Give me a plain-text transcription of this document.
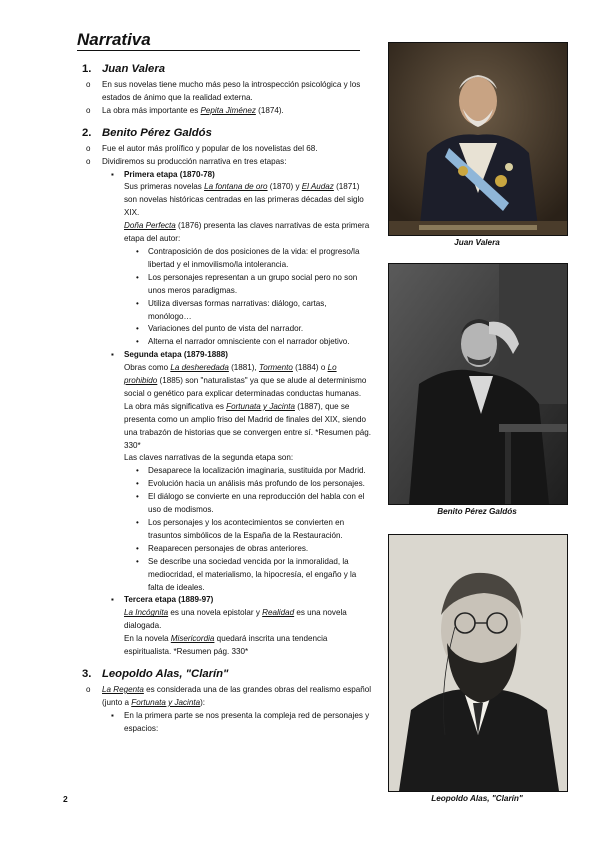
Narrativa
1. Juan Valera
o En sus novelas tiene mucho más peso la introspección psicológica y los estados de ánimo que la realidad externa.
o La obra más importante es Pepita Jiménez (1874).
2. Benito Pérez Galdós
o Fue el autor más prolífico y popular de los novelistas del 68.
o Dividiremos su producción narrativa en tres etapas:
▪ Primera etapa (1870-78)
Sus primeras novelas La fontana de oro (1870) y El Audaz (1871) son novelas históricas centradas en las primeras décadas del siglo XIX.
Doña Perfecta (1876) presenta las claves narrativas de esta primera etapa del autor:
• Contraposición de dos posiciones de la vida: el progreso/la libertad y el inmovilismo/la intolerancia.
• Los personajes representan a un grupo social pero no son unos meros paradigmas.
• Utiliza diversas formas narrativas: diálogo, cartas, monólogo…
• Variaciones del punto de vista del narrador.
• Alterna el narrador omnisciente con el narrador objetivo.
▪ Segunda etapa (1879-1888)
Obras como La desheredada (1881), Tormento (1884) o Lo prohibido (1885) son "naturalistas" ya que se alude al determinismo social o genético para explicar determinadas conductas humanas.
La obra más significativa es Fortunata y Jacinta (1887), que se presenta como un amplio friso del Madrid de finales del XIX, siendo una trabazón de historias que se convergen entre sí. *Resumen pág. 330*
Las claves narrativas de la segunda etapa son:
• Desaparece la localización imaginaria, sustituida por Madrid.
• Evolución hacia un análisis más profundo de los personajes.
• El diálogo se convierte en una reproducción del habla con el uso de modismos.
• Los personajes y los acontecimientos se convierten en trasuntos simbólicos de la España de la Restauración.
• Reaparecen personajes de obras anteriores.
• Se describe una sociedad vencida por la inmoralidad, la mediocridad, el materialismo, la hipocresía, el engaño y la falta de ideales.
▪ Tercera etapa (1889-97)
La Incógnita es una novela epistolar y Realidad es una novela dialogada.
En la novela Misericordia quedará inscrita una tendencia espiritualista. *Resumen pág. 330*
3. Leopoldo Alas, "Clarín"
o La Regenta es considerada una de las grandes obras del realismo español (junto a Fortunata y Jacinta):
▪ En la primera parte se nos presenta la compleja red de personajes y espacios:
Juan Valera
Benito Pérez Galdós
Leopoldo Alas, "Clarín"
2
